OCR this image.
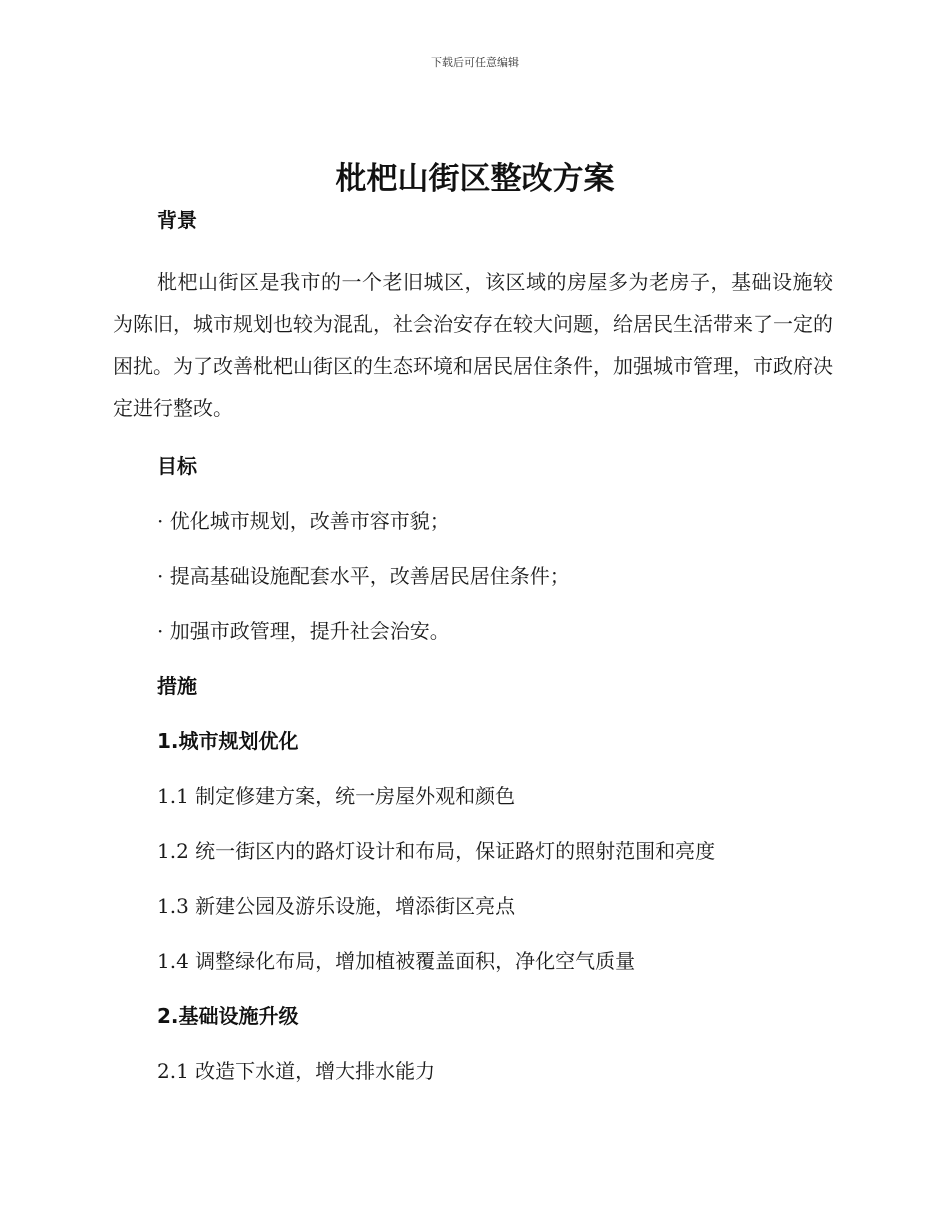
下载后可任意编辑
枇杷山街区整改方案
背景

枇杷山街区是我市的一个老旧城区，该区域的房屋多为老房子，基础设施较为陈旧，城市规划也较为混乱，社会治安存在较大问题，给居民生活带来了一定的困扰。为了改善枇杷山街区的生态环境和居民居住条件，加强城市管理，市政府决定进行整改。

目标
· 优化城市规划，改善市容市貌；
· 提高基础设施配套水平，改善居民居住条件；
· 加强市政管理，提升社会治安。
措施
1.城市规划优化
1.1 制定修建方案，统一房屋外观和颜色
1.2 统一街区内的路灯设计和布局，保证路灯的照射范围和亮度
1.3 新建公园及游乐设施，增添街区亮点
1.4 调整绿化布局，增加植被覆盖面积，净化空气质量
2.基础设施升级
2.1 改造下水道，增大排水能力
